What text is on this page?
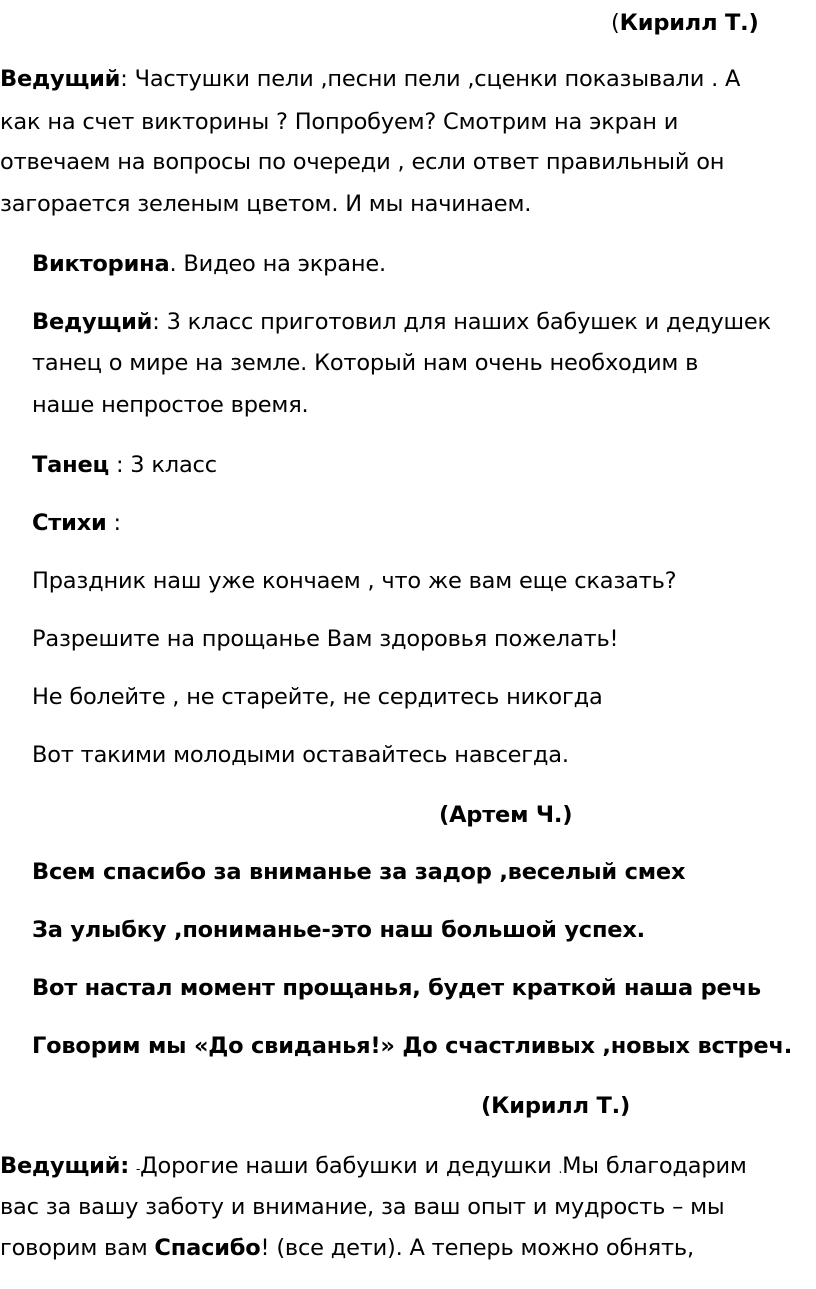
(Кирилл Т.)
Ведущий: Частушки пели ,песни пели ,сценки показывали . А
как на счет викторины ? Попробуем? Смотрим на экран и
отвечаем на вопросы по очереди , если ответ правильный он
загорается зеленым цветом. И мы начинаем.
Викторина. Видео на экране.
Ведущий: 3 класс приготовил для наших бабушек и дедушек
танец о мире на земле. Который нам очень необходим в
наше непростое время.
Танец : 3 класс
Стихи :
Праздник наш уже кончаем , что же вам еще сказать?
Разрешите на прощанье Вам здоровья пожелать!
Не болейте , не старейте, не сердитесь никогда
Вот такими молодыми оставайтесь навсегда.
(Артем Ч.)
Всем спасибо за вниманье за задор ,веселый смех
За улыбку ,пониманье-это наш большой успех.
Вот настал момент прощанья, будет краткой наша речь
Говорим мы «До свиданья!» До счастливых ,новых встреч.
(Кирилл Т.)
Ведущий: -Дорогие наши бабушки и дедушки .Мы благодарим
вас за вашу заботу и внимание, за ваш опыт и мудрость – мы
говорим вам Спасибо! (все дети). А теперь можно обнять,
